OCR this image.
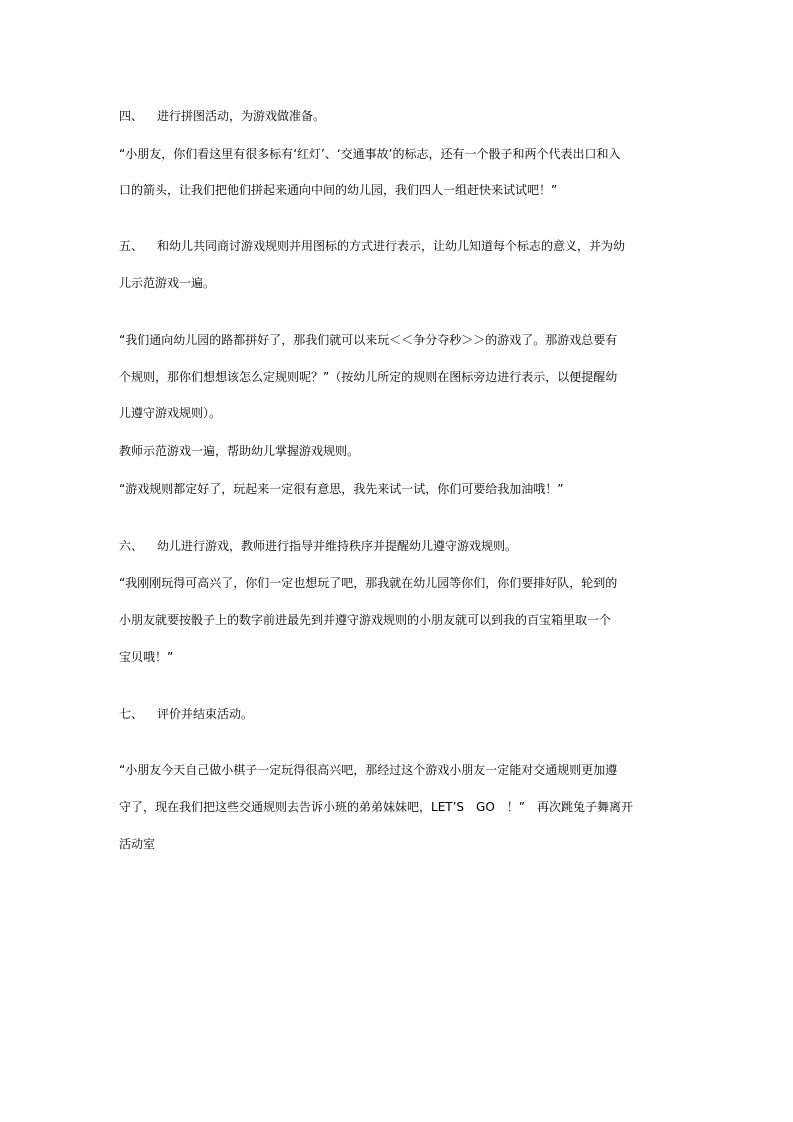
四、 进行拼图活动，为游戏做准备。
“小朋友，你们看这里有很多标有‘红灯’、‘交通事故’的标志，还有一个骰子和两个代表出口和入
口的箭头，让我们把他们拼起来通向中间的幼儿园，我们四人一组赶快来试试吧！”
五、 和幼儿共同商讨游戏规则并用图标的方式进行表示，让幼儿知道每个标志的意义，并为幼
儿示范游戏一遍。
“我们通向幼儿园的路都拼好了，那我们就可以来玩＜＜争分夺秒＞＞的游戏了。那游戏总要有
个规则，那你们想想该怎么定规则呢？”（按幼儿所定的规则在图标旁边进行表示，以便提醒幼
儿遵守游戏规则）。
教师示范游戏一遍，帮助幼儿掌握游戏规则。
“游戏规则都定好了，玩起来一定很有意思，我先来试一试，你们可要给我加油哦！”
六、 幼儿进行游戏，教师进行指导并维持秩序并提醒幼儿遵守游戏规则。
“我刚刚玩得可高兴了，你们一定也想玩了吧，那我就在幼儿园等你们，你们要排好队，轮到的
小朋友就要按骰子上的数字前进最先到并遵守游戏规则的小朋友就可以到我的百宝箱里取一个
宝贝哦！”
七、 评价并结束活动。
“小朋友今天自己做小棋子一定玩得很高兴吧，那经过这个游戏小朋友一定能对交通规则更加遵
守了，现在我们把这些交通规则去告诉小班的弟弟妹妹吧，LET’S　GO　！”　再次跳兔子舞离开
活动室
